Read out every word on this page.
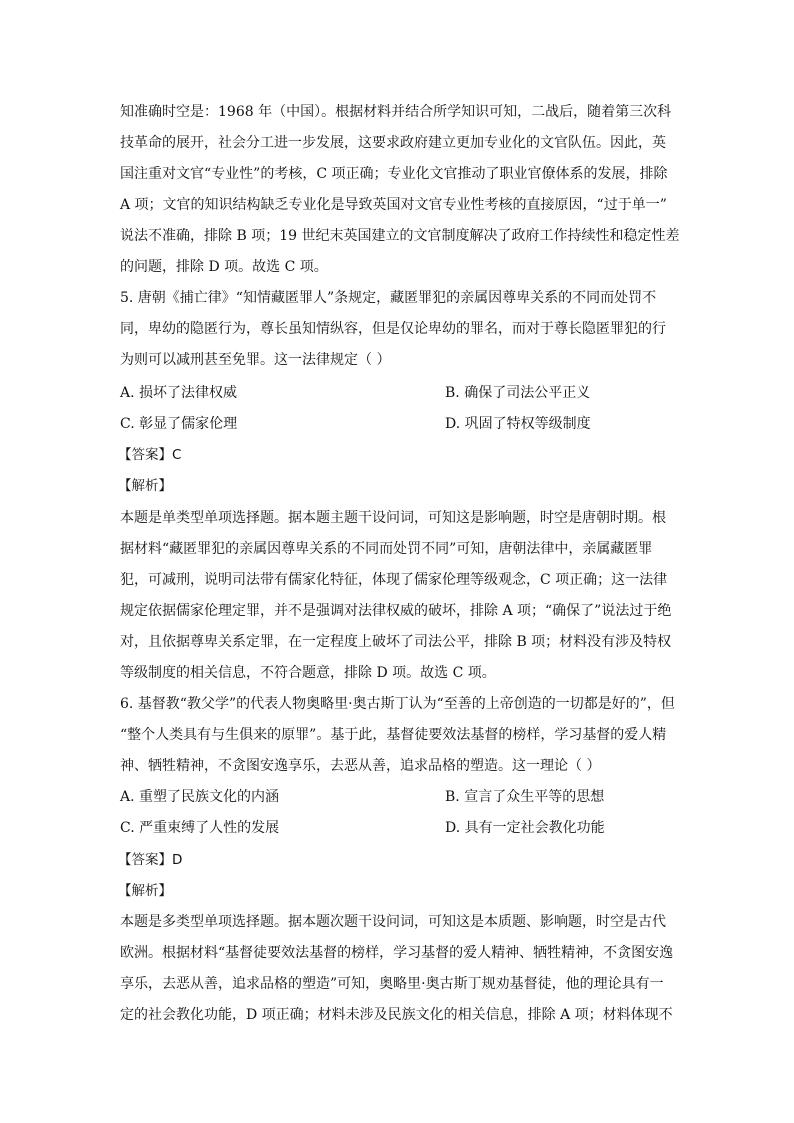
知准确时空是：1968 年（中国）。根据材料并结合所学知识可知，二战后，随着第三次科
技革命的展开，社会分工进一步发展，这要求政府建立更加专业化的文官队伍。因此，英
国注重对文官“专业性”的考核，C 项正确；专业化文官推动了职业官僚体系的发展，排除
A 项；文官的知识结构缺乏专业化是导致英国对文官专业性考核的直接原因，“过于单一”
说法不准确，排除 B 项；19 世纪末英国建立的文官制度解决了政府工作持续性和稳定性差
的问题，排除 D 项。故选 C 项。
5. 唐朝《捕亡律》“知情藏匿罪人”条规定，藏匿罪犯的亲属因尊卑关系的不同而处罚不
同，卑幼的隐匿行为，尊长虽知情纵容，但是仅论卑幼的罪名，而对于尊长隐匿罪犯的行
为则可以减刑甚至免罪。这一法律规定（ ）
A. 损坏了法律权威	B. 确保了司法公平正义
C. 彰显了儒家伦理	D. 巩固了特权等级制度
【答案】C
【解析】
本题是单类型单项选择题。据本题主题干设问词，可知这是影响题，时空是唐朝时期。根
据材料“藏匿罪犯的亲属因尊卑关系的不同而处罚不同”可知，唐朝法律中，亲属藏匿罪
犯，可减刑，说明司法带有儒家化特征，体现了儒家伦理等级观念，C 项正确；这一法律
规定依据儒家伦理定罪，并不是强调对法律权威的破坏，排除 A 项；“确保了”说法过于绝
对，且依据尊卑关系定罪，在一定程度上破坏了司法公平，排除 B 项；材料没有涉及特权
等级制度的相关信息，不符合题意，排除 D 项。故选 C 项。
6. 基督教“教父学”的代表人物奥略里·奥古斯丁认为“至善的上帝创造的一切都是好的”，但
“整个人类具有与生俱来的原罪”。基于此，基督徒要效法基督的榜样，学习基督的爱人精
神、牺牲精神，不贪图安逸享乐，去恶从善，追求品格的塑造。这一理论（ ）
A. 重塑了民族文化的内涵	B. 宣言了众生平等的思想
C. 严重束缚了人性的发展	D. 具有一定社会教化功能
【答案】D
【解析】
本题是多类型单项选择题。据本题次题干设问词，可知这是本质题、影响题，时空是古代
欧洲。根据材料“基督徒要效法基督的榜样，学习基督的爱人精神、牺牲精神，不贪图安逸
享乐，去恶从善，追求品格的塑造”可知，奥略里·奥古斯丁规劝基督徒，他的理论具有一
定的社会教化功能，D 项正确；材料未涉及民族文化的相关信息，排除 A 项；材料体现不
